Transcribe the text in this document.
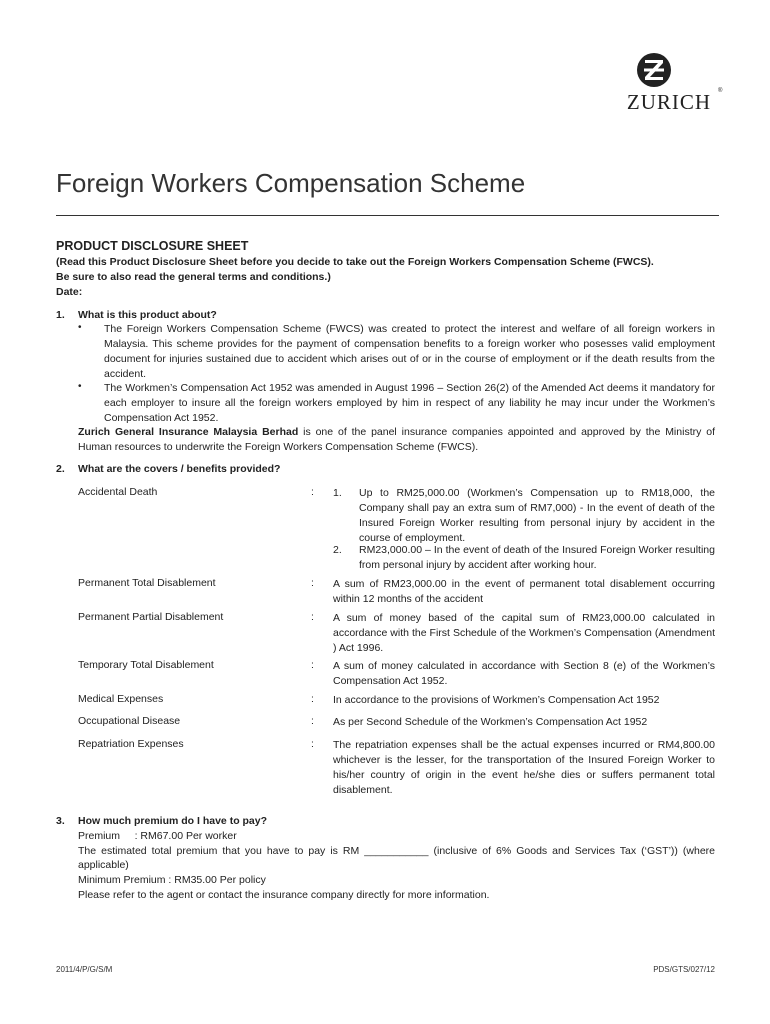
ZURICH	®
Foreign Workers Compensation Scheme
PRODUCT DISCLOSURE SHEET
(Read this Product Disclosure Sheet before you decide to take out the Foreign Workers Compensation Scheme (FWCS).
Be sure to also read the general terms and conditions.)
Date:
1. What is this product about?
• The Foreign Workers Compensation Scheme (FWCS) was created to protect the interest and welfare of all foreign workers in Malaysia. This scheme provides for the payment of compensation benefits to a foreign worker who posesses valid employment document for injuries sustained due to accident which arises out of or in the course of employment or if the death results from the accident.
• The Workmen’s Compensation Act 1952 was amended in August 1996 – Section 26(2) of the Amended Act deems it mandatory for each employer to insure all the foreign workers employed by him in respect of any liability he may incur under the Workmen’s Compensation Act 1952.
Zurich General Insurance Malaysia Berhad is one of the panel insurance companies appointed and approved by the Ministry of Human resources to underwrite the Foreign Workers Compensation Scheme (FWCS).
2. What are the covers / benefits provided?
Accidental Death	: 1. Up to RM25,000.00 (Workmen’s Compensation up to RM18,000, the Company shall pay an extra sum of RM7,000) - In the event of death of the Insured Foreign Worker resulting from personal injury by accident in the course of employment.
2. RM23,000.00 – In the event of death of the Insured Foreign Worker resulting from personal injury by accident after working hour.
Permanent Total Disablement	: A sum of RM23,000.00 in the event of permanent total disablement occurring within 12 months of the accident
Permanent Partial Disablement	: A sum of money based of the capital sum of RM23,000.00 calculated in accordance with the First Schedule of the Workmen’s Compensation (Amendment ) Act 1996.
Temporary Total Disablement	: A sum of money calculated in accordance with Section 8 (e) of the Workmen’s Compensation Act 1952.
Medical Expenses	: In accordance to the provisions of Workmen’s Compensation Act 1952
Occupational Disease	: As per Second Schedule of the Workmen’s Compensation Act 1952
Repatriation Expenses	: The repatriation expenses shall be the actual expenses incurred or RM4,800.00 whichever is the lesser, for the transportation of the Insured Foreign Worker to his/her country of origin in the event he/she dies or suffers permanent total disablement.
3. How much premium do I have to pay?
Premium     : RM67.00 Per worker
The estimated total premium that you have to pay is RM ___________ (inclusive of 6% Goods and Services Tax (‘GST’)) (where
applicable)
Minimum Premium : RM35.00 Per policy
Please refer to the agent or contact the insurance company directly for more information.
2011/4/P/G/S/M	PDS/GTS/027/12
